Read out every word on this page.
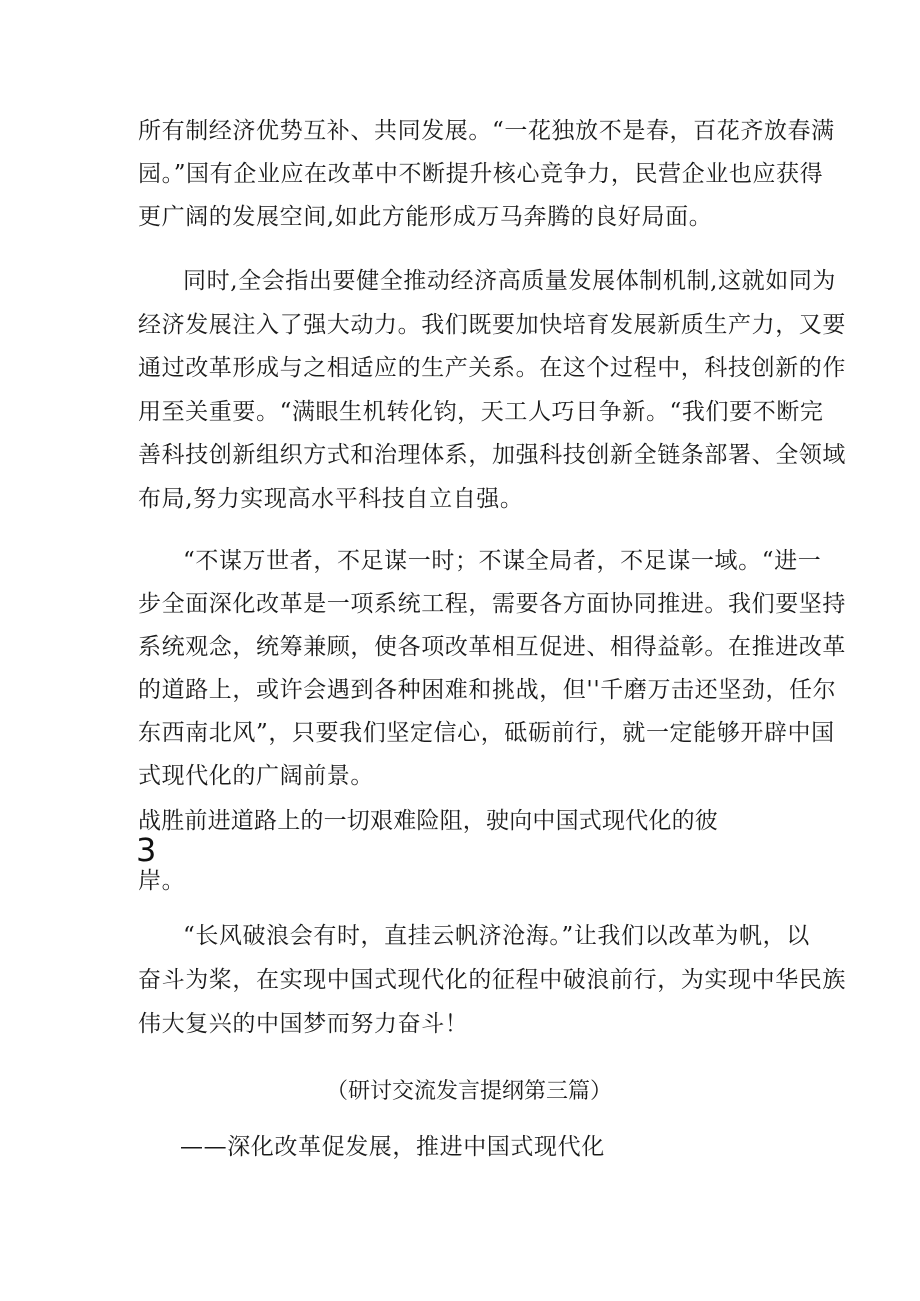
所有制经济优势互补、共同发展。“一花独放不是春，百花齐放春满
园。”国有企业应在改革中不断提升核心竞争力，民营企业也应获得
更广阔的发展空间,如此方能形成万马奔腾的良好局面。
同时,全会指出要健全推动经济高质量发展体制机制,这就如同为
经济发展注入了强大动力。我们既要加快培育发展新质生产力，又要
通过改革形成与之相适应的生产关系。在这个过程中，科技创新的作
用至关重要。“满眼生机转化钧，天工人巧日争新。“我们要不断完
善科技创新组织方式和治理体系，加强科技创新全链条部署、全领域
布局,努力实现高水平科技自立自强。
“不谋万世者，不足谋一时；不谋全局者，不足谋一域。“进一
步全面深化改革是一项系统工程，需要各方面协同推进。我们要坚持
系统观念，统筹兼顾，使各项改革相互促进、相得益彰。在推进改革
的道路上，或许会遇到各种困难和挑战，但''千磨万击还坚劲，任尔
东西南北风”，只要我们坚定信心，砥砺前行，就一定能够开辟中国
式现代化的广阔前景。
战胜前进道路上的一切艰难险阻，驶向中国式现代化的彼
3
岸。
“长风破浪会有时，直挂云帆济沧海。”让我们以改革为帆，以
奋斗为桨，在实现中国式现代化的征程中破浪前行，为实现中华民族
伟大复兴的中国梦而努力奋斗！
（研讨交流发言提纲第三篇）
——深化改革促发展，推进中国式现代化
